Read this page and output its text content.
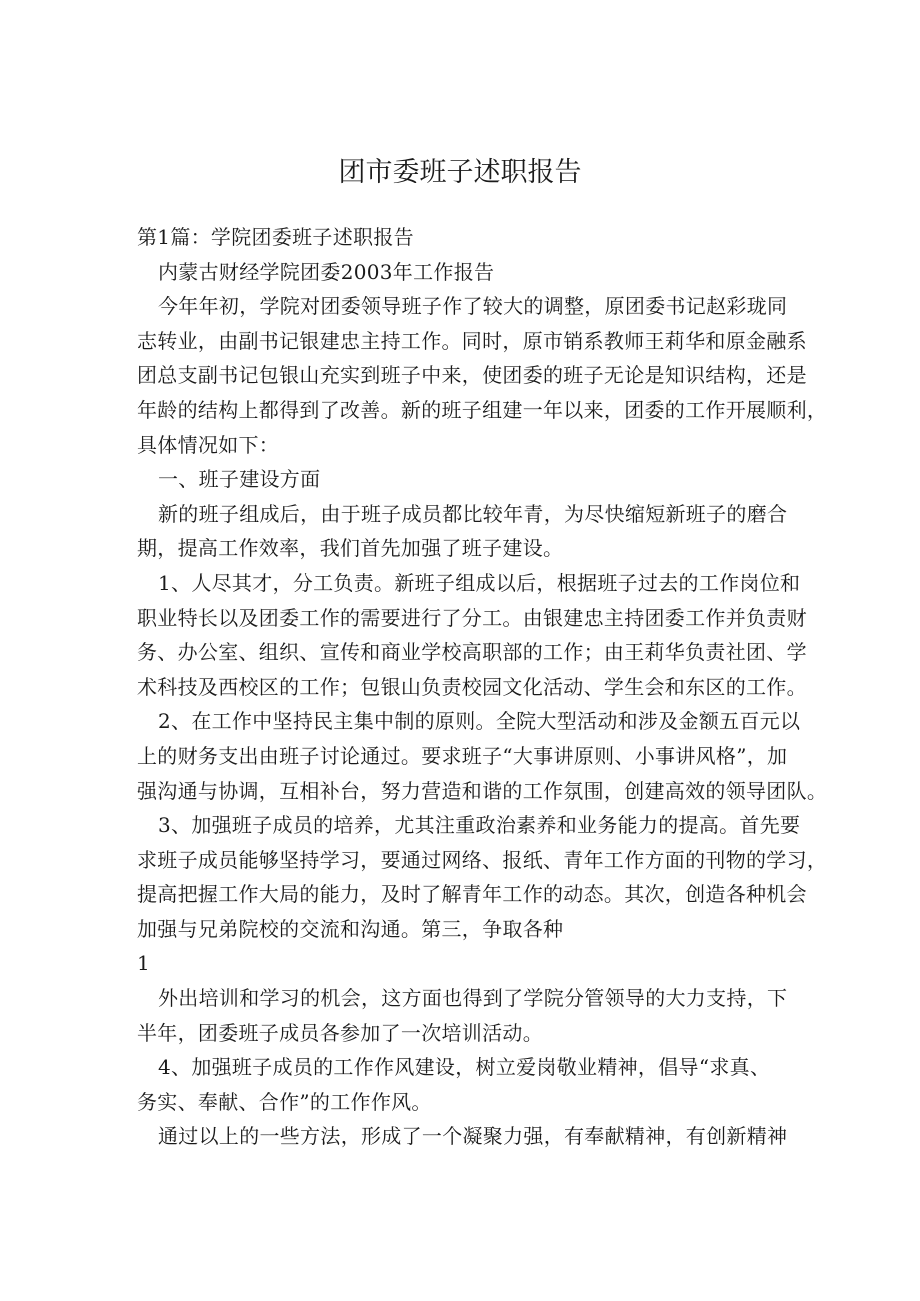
团市委班子述职报告
第1篇：学院团委班子述职报告
内蒙古财经学院团委2003年工作报告
今年年初，学院对团委领导班子作了较大的调整，原团委书记赵彩珑同
志转业，由副书记银建忠主持工作。同时，原市销系教师王莉华和原金融系
团总支副书记包银山充实到班子中来，使团委的班子无论是知识结构，还是
年龄的结构上都得到了改善。新的班子组建一年以来，团委的工作开展顺利，
具体情况如下：
一、班子建设方面
新的班子组成后，由于班子成员都比较年青，为尽快缩短新班子的磨合
期，提高工作效率，我们首先加强了班子建设。
1、人尽其才，分工负责。新班子组成以后，根据班子过去的工作岗位和
职业特长以及团委工作的需要进行了分工。由银建忠主持团委工作并负责财
务、办公室、组织、宣传和商业学校高职部的工作；由王莉华负责社团、学
术科技及西校区的工作；包银山负责校园文化活动、学生会和东区的工作。
2、在工作中坚持民主集中制的原则。全院大型活动和涉及金额五百元以
上的财务支出由班子讨论通过。要求班子“大事讲原则、小事讲风格”，加
强沟通与协调，互相补台，努力营造和谐的工作氛围，创建高效的领导团队。
3、加强班子成员的培养，尤其注重政治素养和业务能力的提高。首先要
求班子成员能够坚持学习，要通过网络、报纸、青年工作方面的刊物的学习，
提高把握工作大局的能力，及时了解青年工作的动态。其次，创造各种机会
加强与兄弟院校的交流和沟通。第三，争取各种
1
外出培训和学习的机会，这方面也得到了学院分管领导的大力支持，下
半年，团委班子成员各参加了一次培训活动。
4、加强班子成员的工作作风建设，树立爱岗敬业精神，倡导“求真、
务实、奉献、合作”的工作作风。
通过以上的一些方法，形成了一个凝聚力强，有奉献精神，有创新精神
